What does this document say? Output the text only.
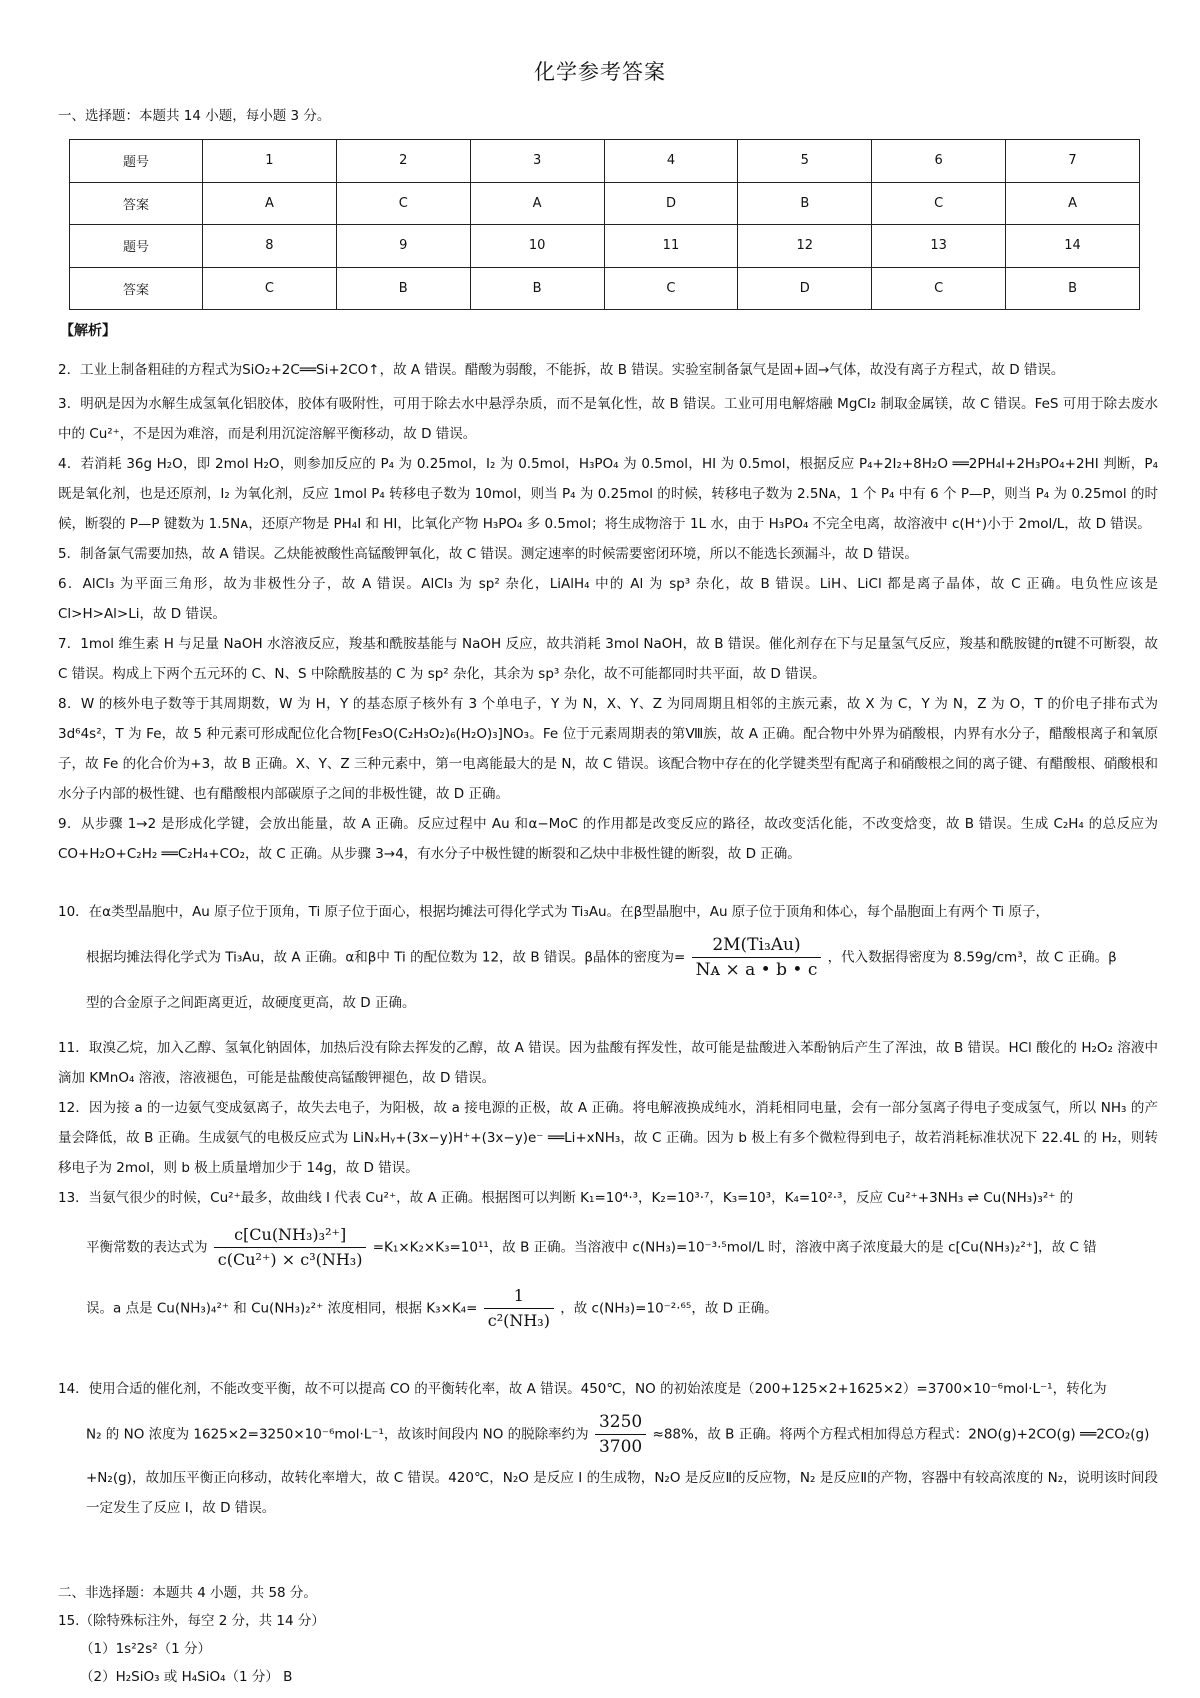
化学参考答案
一、选择题：本题共 14 小题，每小题 3 分。
题号	1	2	3	4	5	6	7
答案	A	C	A	D	B	C	A
题号	8	9	10	11	12	13	14
答案	C	B	B	C	D	C	B
【解析】
2．工业上制备粗硅的方程式为SiO₂+2C══Si+2CO↑，故 A 错误。醋酸为弱酸，不能拆，故 B 错误。实验室制备氯气是固+固→气体，故没有离子方程式，故 D 错误。
3．明矾是因为水解生成氢氧化铝胶体，胶体有吸附性，可用于除去水中悬浮杂质，而不是氧化性，故 B 错误。工业可用电解熔融 MgCl₂ 制取金属镁，故 C 错误。FeS 可用于除去废水中的 Cu²⁺，不是因为难溶，而是利用沉淀溶解平衡移动，故 D 错误。
4．若消耗 36g H₂O，即 2mol H₂O，则参加反应的 P₄ 为 0.25mol，I₂ 为 0.5mol，H₃PO₄ 为 0.5mol，HI 为 0.5mol，根据反应 P₄+2I₂+8H₂O ══2PH₄I+2H₃PO₄+2HI 判断，P₄ 既是氧化剂，也是还原剂，I₂ 为氧化剂，反应 1mol P₄ 转移电子数为 10mol，则当 P₄ 为 0.25mol 的时候，转移电子数为 2.5Nᴀ，1 个 P₄ 中有 6 个 P—P，则当 P₄ 为 0.25mol 的时候，断裂的 P—P 键数为 1.5Nᴀ，还原产物是 PH₄I 和 HI，比氧化产物 H₃PO₄ 多 0.5mol；将生成物溶于 1L 水，由于 H₃PO₄ 不完全电离，故溶液中 c(H⁺)小于 2mol/L，故 D 错误。
5．制备氯气需要加热，故 A 错误。乙炔能被酸性高锰酸钾氧化，故 C 错误。测定速率的时候需要密闭环境，所以不能选长颈漏斗，故 D 错误。
6．AlCl₃ 为平面三角形，故为非极性分子，故 A 错误。AlCl₃ 为 sp² 杂化，LiAlH₄ 中的 Al 为 sp³ 杂化，故 B 错误。LiH、LiCl 都是离子晶体，故 C 正确。电负性应该是 Cl>H>Al>Li，故 D 错误。
7．1mol 维生素 H 与足量 NaOH 水溶液反应，羧基和酰胺基能与 NaOH 反应，故共消耗 3mol NaOH，故 B 错误。催化剂存在下与足量氢气反应，羧基和酰胺键的π键不可断裂，故 C 错误。构成上下两个五元环的 C、N、S 中除酰胺基的 C 为 sp² 杂化，其余为 sp³ 杂化，故不可能都同时共平面，故 D 错误。
8．W 的核外电子数等于其周期数，W 为 H，Y 的基态原子核外有 3 个单电子，Y 为 N，X、Y、Z 为同周期且相邻的主族元素，故 X 为 C，Y 为 N，Z 为 O，T 的价电子排布式为 3d⁶4s²，T 为 Fe，故 5 种元素可形成配位化合物[Fe₃O(C₂H₃O₂)₆(H₂O)₃]NO₃。Fe 位于元素周期表的第Ⅷ族，故 A 正确。配合物中外界为硝酸根，内界有水分子，醋酸根离子和氧原子，故 Fe 的化合价为+3，故 B 正确。X、Y、Z 三种元素中，第一电离能最大的是 N，故 C 错误。该配合物中存在的化学键类型有配离子和硝酸根之间的离子键、有醋酸根、硝酸根和水分子内部的极性键、也有醋酸根内部碳原子之间的非极性键，故 D 正确。
9．从步骤 1→2 是形成化学键，会放出能量，故 A 正确。反应过程中 Au 和α−MoC 的作用都是改变反应的路径，故改变活化能，不改变焓变，故 B 错误。生成 C₂H₄ 的总反应为 CO+H₂O+C₂H₂ ══C₂H₄+CO₂，故 C 正确。从步骤 3→4，有水分子中极性键的断裂和乙炔中非极性键的断裂，故 D 正确。
10．在α类型晶胞中，Au 原子位于顶角，Ti 原子位于面心，根据均摊法可得化学式为 Ti₃Au。在β型晶胞中，Au 原子位于顶角和体心，每个晶胞面上有两个 Ti 原子，
根据均摊法得化学式为 Ti₃Au，故 A 正确。α和β中 Ti 的配位数为 12，故 B 错误。β晶体的密度为= $\frac{\text{2M(Ti₃Au)}}{\text{Nᴀ × a • b • c}}$ ，代入数据得密度为 8.59g/cm³，故 C 正确。β
型的合金原子之间距离更近，故硬度更高，故 D 正确。
11．取溴乙烷，加入乙醇、氢氧化钠固体，加热后没有除去挥发的乙醇，故 A 错误。因为盐酸有挥发性，故可能是盐酸进入苯酚钠后产生了浑浊，故 B 错误。HCl 酸化的 H₂O₂ 溶液中滴加 KMnO₄ 溶液，溶液褪色，可能是盐酸使高锰酸钾褪色，故 D 错误。
12．因为接 a 的一边氨气变成氨离子，故失去电子，为阳极，故 a 接电源的正极，故 A 正确。将电解液换成纯水，消耗相同电量，会有一部分氢离子得电子变成氢气，所以 NH₃ 的产量会降低，故 B 正确。生成氨气的电极反应式为 LiNₓHᵧ+(3x−y)H⁺+(3x−y)e⁻ ══Li+xNH₃，故 C 正确。因为 b 极上有多个微粒得到电子，故若消耗标准状况下 22.4L 的 H₂，则转移电子为 2mol，则 b 极上质量增加少于 14g，故 D 错误。
13．当氨气很少的时候，Cu²⁺最多，故曲线 I 代表 Cu²⁺，故 A 正确。根据图可以判断 K₁=10⁴·³，K₂=10³·⁷，K₃=10³，K₄=10²·³，反应 Cu²⁺+3NH₃ ⇌ Cu(NH₃)₃²⁺ 的
平衡常数的表达式为 $\frac{\text{c[Cu(NH₃)₃²⁺]}}{\text{c(Cu²⁺) × c³(NH₃)}} =K_1\times K_2\times K_3=10^{11}$，故 B 正确。当溶液中 c(NH₃)=10⁻³·⁵mol/L 时，溶液中离子浓度最大的是 c[Cu(NH₃)₂²⁺]，故 C 错
误。a 点是 Cu(NH₃)₄²⁺ 和 Cu(NH₃)₂²⁺ 浓度相同，根据 $K_3\times K_4= \frac{1}{\text{c²(NH₃)}}$ ，故 c(NH₃)=10⁻²·⁶⁵，故 D 正确。
14．使用合适的催化剂，不能改变平衡，故不可以提高 CO 的平衡转化率，故 A 错误。450℃，NO 的初始浓度是（200+125×2+1625×2）=3700×10⁻⁶mol·L⁻¹，转化为
N₂ 的 NO 浓度为 1625×2=3250×10⁻⁶mol·L⁻¹，故该时间段内 NO 的脱除率约为 $\frac{3250}{3700} \approx 88\%$，故 B 正确。将两个方程式相加得总方程式：2NO(g)+2CO(g) ══2CO₂(g)
+N₂(g)，故加压平衡正向移动，故转化率增大，故 C 错误。420℃，N₂O 是反应 I 的生成物，N₂O 是反应Ⅱ的反应物，N₂ 是反应Ⅱ的产物，容器中有较高浓度的 N₂，说明该时间段一定发生了反应 I，故 D 错误。
二、非选择题：本题共 4 小题，共 58 分。
15.（除特殊标注外，每空 2 分，共 14 分）
（1）1s²2s²（1 分）
（2）H₂SiO₃ 或 H₄SiO₄（1 分） B
